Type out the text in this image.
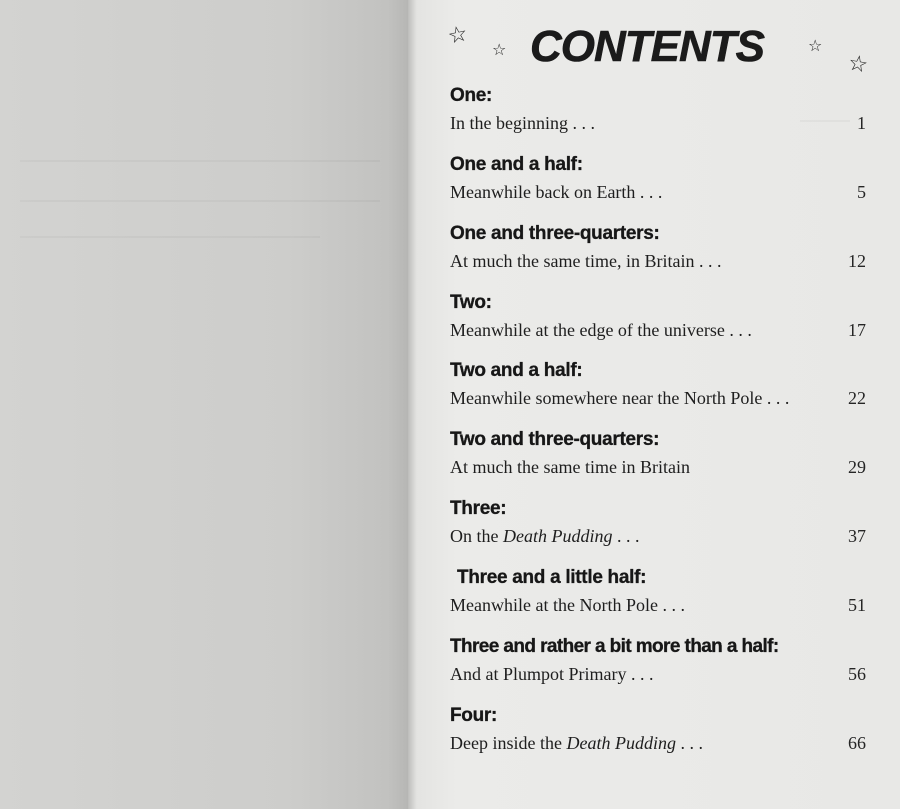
☆ ☆	☆
☆
CONTENTS
One:
In the beginning . . .	1
One and a half:
Meanwhile back on Earth . . .	5
One and three-quarters:
At much the same time, in Britain . . .	12
Two:
Meanwhile at the edge of the universe . . .	17
Two and a half:
Meanwhile somewhere near the North Pole . . .	22
Two and three-quarters:
At much the same time in Britain	29
Three:
On the Death Pudding . . .	37
Three and a little half:
Meanwhile at the North Pole . . .	51
Three and rather a bit more than a half:
And at Plumpot Primary . . .	56
Four:
Deep inside the Death Pudding . . .	66
